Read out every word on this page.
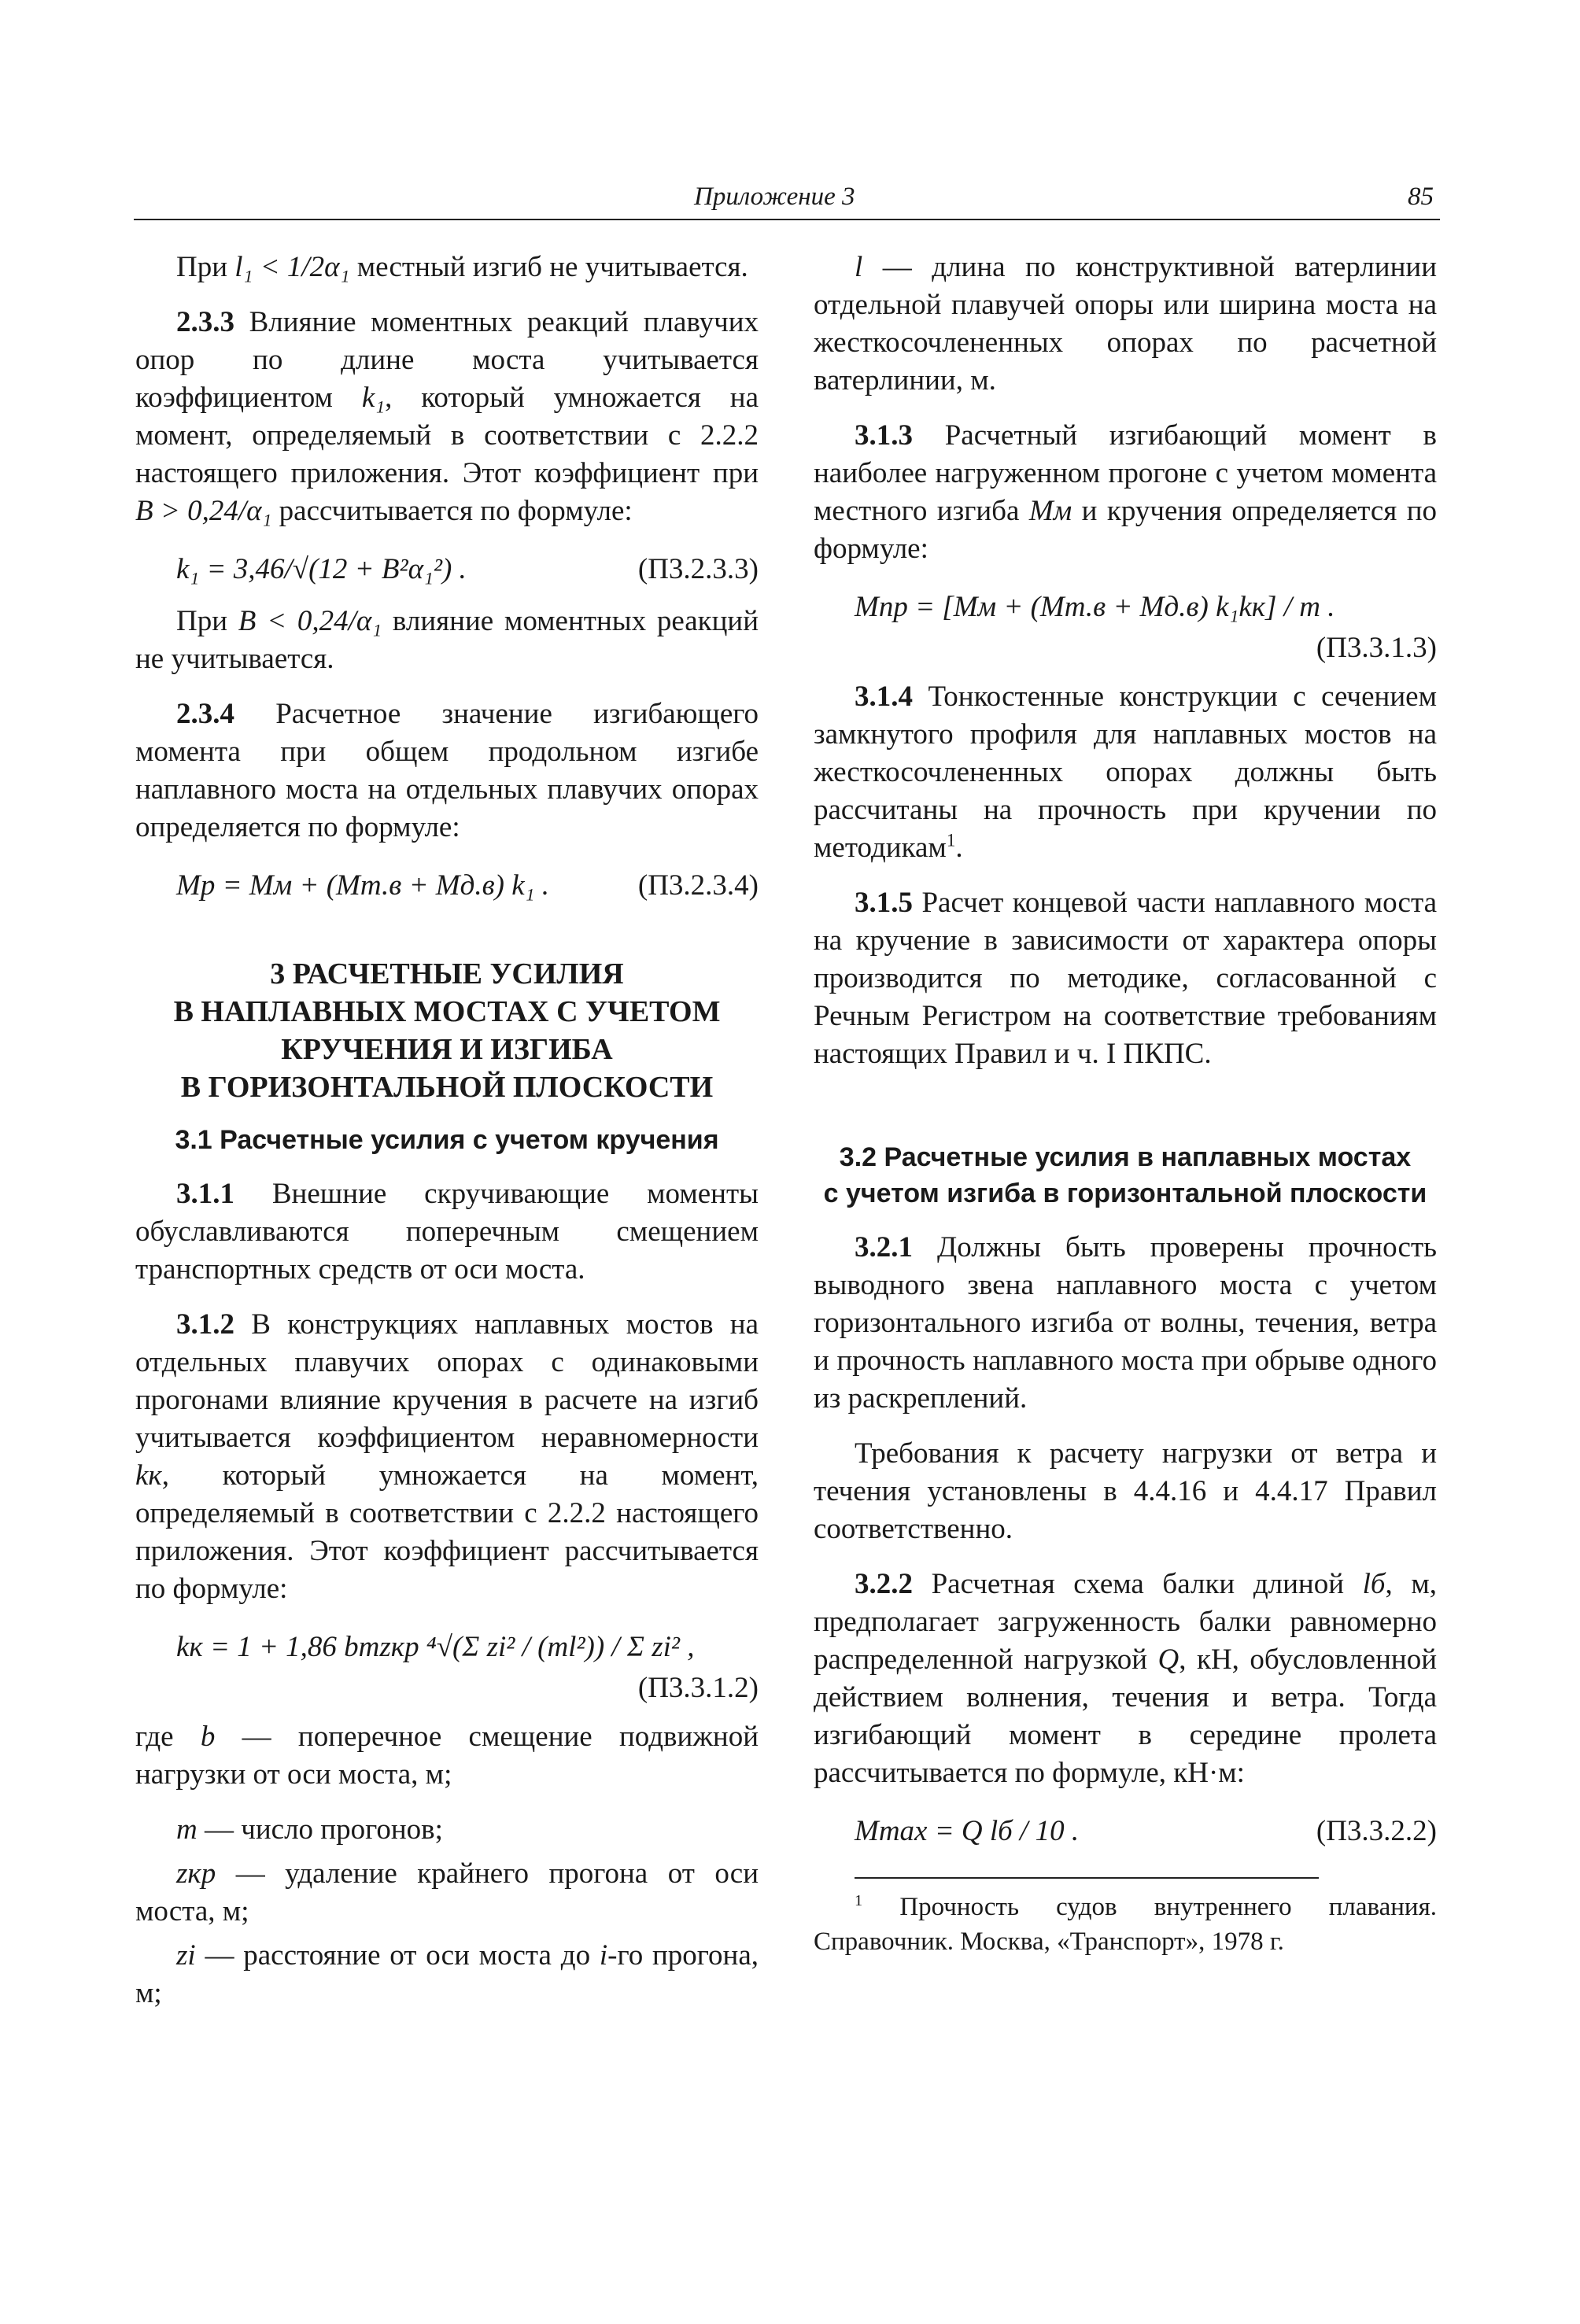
Приложение 3	85

При l₁ < 1/2α₁ местный изгиб не учитывается.

2.3.3 Влияние моментных реакций плавучих опор по длине моста учитывается коэффициентом k₁, который умножается на момент, определяемый в соответствии с 2.2.2 настоящего приложения. Этот коэффициент при B > 0,24/α₁ рассчитывается по формуле:

k₁ = 3,46/√(12 + B²α₁²) .	(П3.2.3.3)

При B < 0,24/α₁ влияние моментных реакций не учитывается.

2.3.4 Расчетное значение изгибающего момента при общем продольном изгибе наплавного моста на отдельных плавучих опорах определяется по формуле:

Mр = Mм + (Mт.в + Mд.в) k₁ .	(П3.2.3.4)
3 РАСЧЕТНЫЕ УСИЛИЯ
В НАПЛАВНЫХ МОСТАХ С УЧЕТОМ
КРУЧЕНИЯ И ИЗГИБА
В ГОРИЗОНТАЛЬНОЙ ПЛОСКОСТИ
3.1 Расчетные усилия с учетом кручения

3.1.1 Внешние скручивающие моменты обуславливаются поперечным смещением транспортных средств от оси моста.

3.1.2 В конструкциях наплавных мостов на отдельных плавучих опорах с одинаковыми прогонами влияние кручения в расчете на изгиб учитывается коэффициентом неравномерности kк, который умножается на момент, определяемый в соответствии с 2.2.2 настоящего приложения. Этот коэффициент рассчитывается по формуле:

kк = 1 + 1,86 bmzкр ⁴√(Σ zi² / (ml²)) / Σ zi² ,
(П3.3.1.2)

где b — поперечное смещение подвижной нагрузки от оси моста, м;

m — число прогонов;

zкр — удаление крайнего прогона от оси моста, м;

zi — расстояние от оси моста до i-го прогона, м;

l — длина по конструктивной ватерлинии отдельной плавучей опоры или ширина моста на жесткосочлененных опорах по расчетной ватерлинии, м.

3.1.3 Расчетный изгибающий момент в наиболее нагруженном прогоне с учетом момента местного изгиба Mм и кручения определяется по формуле:

Mпр = [Mм + (Mт.в + Mд.в) k₁kк] / m .
(П3.3.1.3)

3.1.4 Тонкостенные конструкции с сечением замкнутого профиля для наплавных мостов на жесткосочлененных опорах должны быть рассчитаны на прочность при кручении по методикам$^1$.

3.1.5 Расчет концевой части наплавного моста на кручение в зависимости от характера опоры производится по методике, согласованной с Речным Регистром на соответствие требованиям настоящих Правил и ч. I ПКПС.

3.2 Расчетные усилия в наплавных мостах
с учетом изгиба в горизонтальной плоскости

3.2.1 Должны быть проверены прочность выводного звена наплавного моста с учетом горизонтального изгиба от волны, течения, ветра и прочность наплавного моста при обрыве одного из раскреплений.

Требования к расчету нагрузки от ветра и течения установлены в 4.4.16 и 4.4.17 Правил соответственно.

3.2.2 Расчетная схема балки длиной lб, м, предполагает загруженность балки равномерно распределенной нагрузкой Q, кН, обусловленной действием волнения, течения и ветра. Тогда изгибающий момент в середине пролета рассчитывается по формуле, кН·м:

Mmax = Q lб / 10 .	(П3.3.2.2)
$^1$ Прочность судов внутреннего плавания. Справочник. Москва, «Транспорт», 1978 г.
